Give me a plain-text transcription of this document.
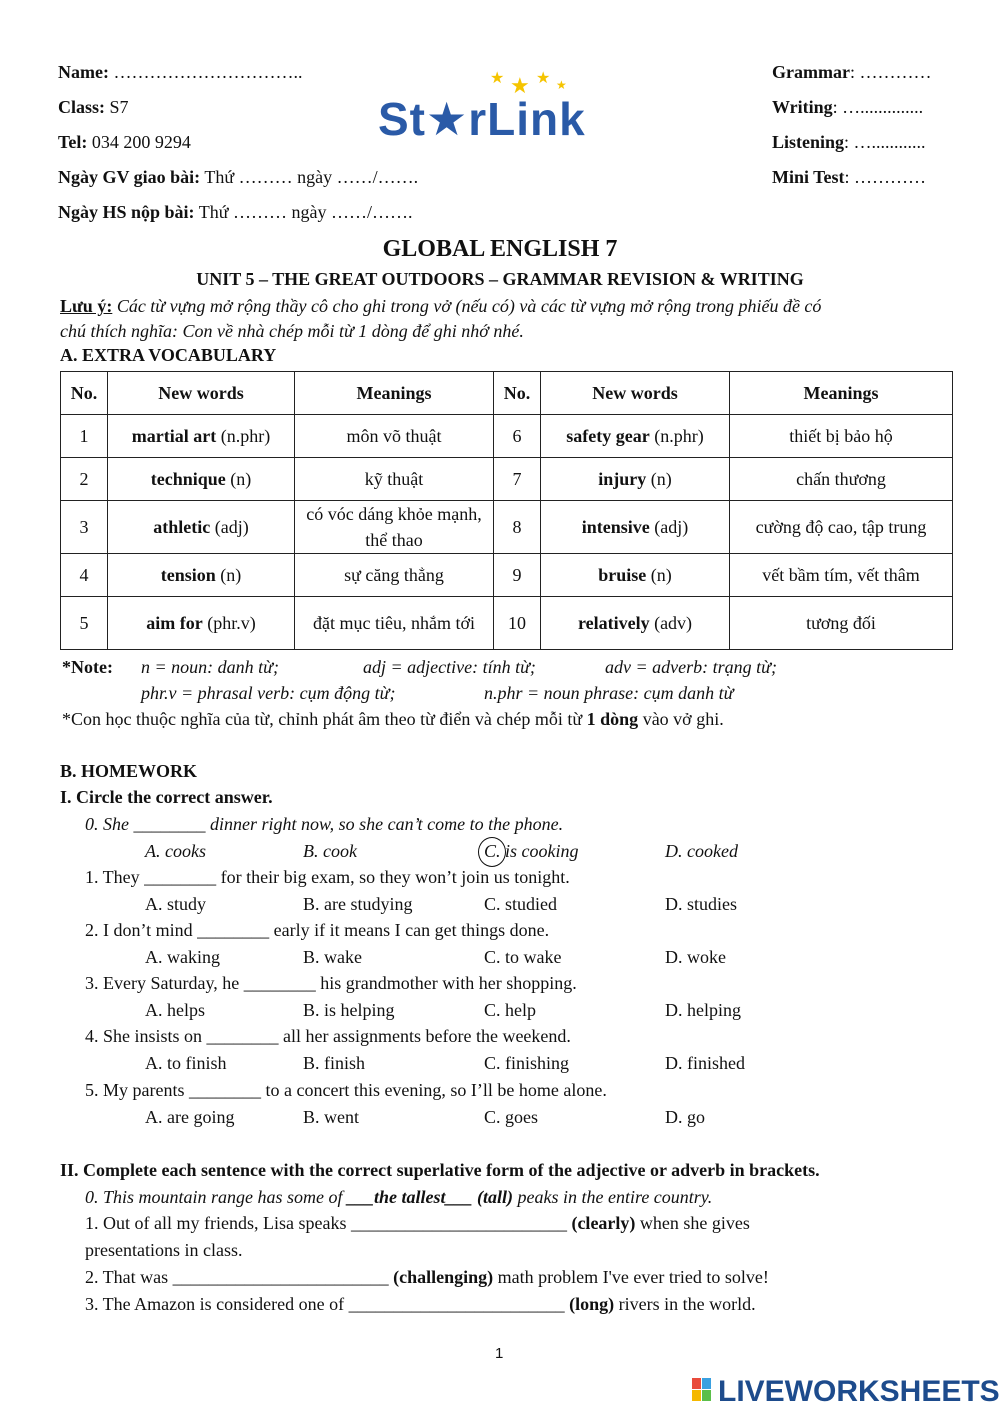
Name: …………………………..
Class: S7
Tel: 034 200 9294
Ngày GV giao bài: Thứ ……… ngày ……/…….
Ngày HS nộp bài: Thứ ……… ngày ……/…….
Grammar: …………
Writing: …..............
Listening: …............
Mini Test: …………
★ ★ ★ ★
St★rLink
GLOBAL ENGLISH 7
UNIT 5 – THE GREAT OUTDOORS – GRAMMAR REVISION & WRITING
Lưu ý: Các từ vựng mở rộng thầy cô cho ghi trong vở (nếu có) và các từ vựng mở rộng trong phiếu đề có
chú thích nghĩa: Con về nhà chép mỗi từ 1 dòng để ghi nhớ nhé.
A. EXTRA VOCABULARY
No.	New words	Meanings	No.	New words	Meanings
1	martial art (n.phr)	môn võ thuật	6	safety gear (n.phr)	thiết bị bảo hộ
2	technique (n)	kỹ thuật	7	injury (n)	chấn thương
3	athletic (adj)	có vóc dáng khỏe mạnh, thể thao	8	intensive (adj)	cường độ cao, tập trung
4	tension (n)	sự căng thẳng	9	bruise (n)	vết bầm tím, vết thâm
5	aim for (phr.v)	đặt mục tiêu, nhắm tới	10	relatively (adv)	tương đối
*Note: n = noun: danh từ;	adj = adjective: tính từ;	adv = adverb: trạng từ;
phr.v = phrasal verb: cụm động từ;	n.phr = noun phrase: cụm danh từ
*Con học thuộc nghĩa của từ, chỉnh phát âm theo từ điển và chép mỗi từ 1 dòng vào vở ghi.
B. HOMEWORK
I. Circle the correct answer.
0. She ________ dinner right now, so she can’t come to the phone.
A. cooks	B. cook	C. is cooking	D. cooked
1. They ________ for their big exam, so they won’t join us tonight.
A. study	B. are studying	C. studied	D. studies
2. I don’t mind ________ early if it means I can get things done.
A. waking	B. wake	C. to wake	D. woke
3. Every Saturday, he ________ his grandmother with her shopping.
A. helps	B. is helping	C. help	D. helping
4. She insists on ________ all her assignments before the weekend.
A. to finish	B. finish	C. finishing	D. finished
5. My parents ________ to a concert this evening, so I’ll be home alone.
A. are going	B. went	C. goes	D. go
II. Complete each sentence with the correct superlative form of the adjective or adverb in brackets.
0. This mountain range has some of ___the tallest___ (tall) peaks in the entire country.
1. Out of all my friends, Lisa speaks ________________________ (clearly) when she gives
presentations in class.
2. That was ________________________ (challenging) math problem I've ever tried to solve!
3. The Amazon is considered one of ________________________ (long) rivers in the world.
1
LIVEWORKSHEETS
